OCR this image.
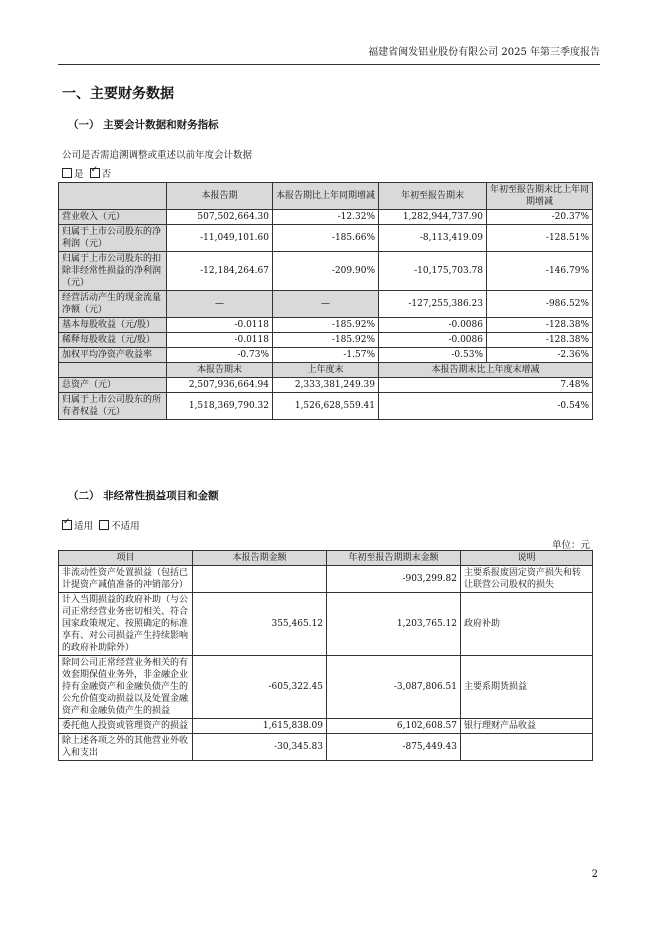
福建省闽发铝业股份有限公司 2025 年第三季度报告
一、主要财务数据
（一） 主要会计数据和财务指标
公司是否需追溯调整或重述以前年度会计数据
是 ✓ 否
	本报告期	本报告期比上年同期增减	年初至报告期末	年初至报告期末比上年同期增减
营业收入（元）	507,502,664.30	-12.32%	1,282,944,737.90	-20.37%
归属于上市公司股东的净利润（元）	-11,049,101.60	-185.66%	-8,113,419.09	-128.51%
归属于上市公司股东的扣除非经常性损益的净利润（元）	-12,184,264.67	-209.90%	-10,175,703.78	-146.79%
经营活动产生的现金流量净额（元）	—	—	-127,255,386.23	-986.52%
基本每股收益（元/股）	-0.0118	-185.92%	-0.0086	-128.38%
稀释每股收益（元/股）	-0.0118	-185.92%	-0.0086	-128.38%
加权平均净资产收益率	-0.73%	-1.57%	-0.53%	-2.36%
	本报告期末	上年度末	本报告期末比上年度末增减	
总资产（元）	2,507,936,664.94	2,333,381,249.39	7.48%	
归属于上市公司股东的所有者权益（元）	1,518,369,790.32	1,526,628,559.41	-0.54%	
（二） 非经常性损益项目和金额
✓适用 不适用
单位：元
项目	本报告期金额	年初至报告期期末金额	说明
非流动性资产处置损益（包括已计提资产减值准备的冲销部分）		-903,299.82	主要系报废固定资产损失和转让联营公司股权的损失
计入当期损益的政府补助（与公司正常经营业务密切相关、符合国家政策规定、按照确定的标准享有、对公司损益产生持续影响的政府补助除外）	355,465.12	1,203,765.12	政府补助
除同公司正常经营业务相关的有效套期保值业务外，非金融企业持有金融资产和金融负债产生的公允价值变动损益以及处置金融资产和金融负债产生的损益	-605,322.45	-3,087,806.51	主要系期货损益
委托他人投资或管理资产的损益	1,615,838.09	6,102,608.57	银行理财产品收益
除上述各项之外的其他营业外收入和支出	-30,345.83	-875,449.43	
2
